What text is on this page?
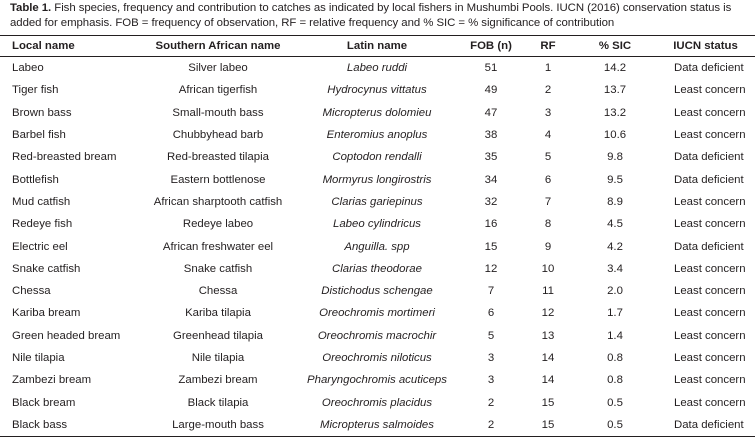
Table 1. Fish species, frequency and contribution to catches as indicated by local fishers in Mushumbi Pools. IUCN (2016) conservation status is added for emphasis. FOB = frequency of observation, RF = relative frequency and % SIC = % significance of contribution
Local name	Southern African name	Latin name	FOB (n)	RF	% SIC	IUCN status
Labeo	Silver labeo	Labeo ruddi	51	1	14.2	Data deficient
Tiger fish	African tigerfish	Hydrocynus vittatus	49	2	13.7	Least concern
Brown bass	Small-mouth bass	Micropterus dolomieu	47	3	13.2	Least concern
Barbel fish	Chubbyhead barb	Enteromius anoplus	38	4	10.6	Least concern
Red-breasted bream	Red-breasted tilapia	Coptodon rendalli	35	5	9.8	Data deficient
Bottlefish	Eastern bottlenose	Mormyrus longirostris	34	6	9.5	Data deficient
Mud catfish	African sharptooth catfish	Clarias gariepinus	32	7	8.9	Least concern
Redeye fish	Redeye labeo	Labeo cylindricus	16	8	4.5	Least concern
Electric eel	African freshwater eel	Anguilla. spp	15	9	4.2	Data deficient
Snake catfish	Snake catfish	Clarias theodorae	12	10	3.4	Least concern
Chessa	Chessa	Distichodus schengae	7	11	2.0	Least concern
Kariba bream	Kariba tilapia	Oreochromis mortimeri	6	12	1.7	Least concern
Green headed bream	Greenhead tilapia	Oreochromis macrochir	5	13	1.4	Least concern
Nile tilapia	Nile tilapia	Oreochromis niloticus	3	14	0.8	Least concern
Zambezi bream	Zambezi bream	Pharyngochromis acuticeps	3	14	0.8	Least concern
Black bream	Black tilapia	Oreochromis placidus	2	15	0.5	Least concern
Black bass	Large-mouth bass	Micropterus salmoides	2	15	0.5	Data deficient
